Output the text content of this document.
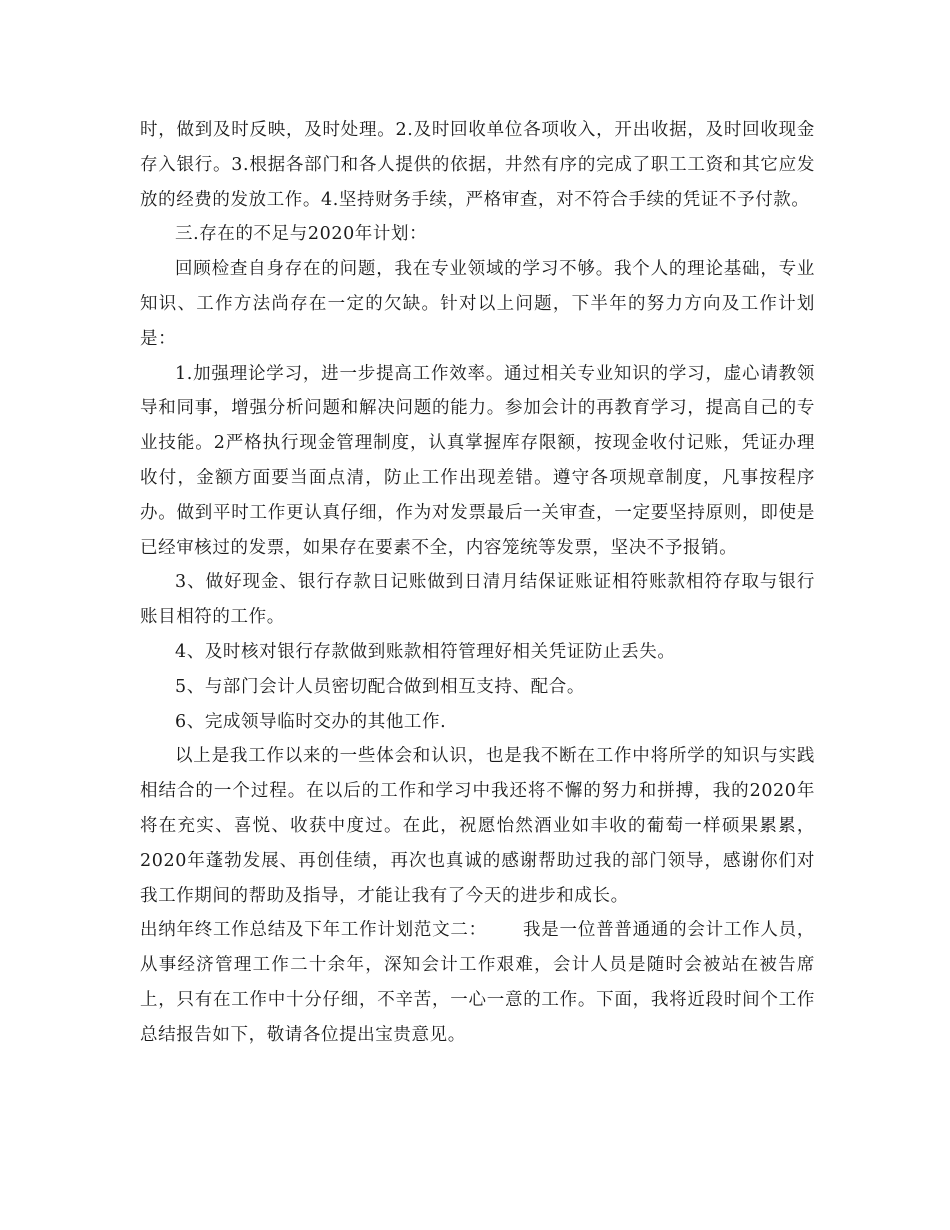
时，做到及时反映，及时处理。2.及时回收单位各项收入，开出收据，及时回收现金存入银行。3.根据各部门和各人提供的依据，井然有序的完成了职工工资和其它应发放的经费的发放工作。4.坚持财务手续，严格审查，对不符合手续的凭证不予付款。

三.存在的不足与2020年计划：

回顾检查自身存在的问题，我在专业领域的学习不够。我个人的理论基础，专业知识、工作方法尚存在一定的欠缺。针对以上问题，下半年的努力方向及工作计划是：

1.加强理论学习，进一步提高工作效率。通过相关专业知识的学习，虚心请教领导和同事，增强分析问题和解决问题的能力。参加会计的再教育学习，提高自己的专业技能。2严格执行现金管理制度，认真掌握库存限额，按现金收付记账，凭证办理收付，金额方面要当面点清，防止工作出现差错。遵守各项规章制度，凡事按程序办。做到平时工作更认真仔细，作为对发票最后一关审查，一定要坚持原则，即使是已经审核过的发票，如果存在要素不全，内容笼统等发票，坚决不予报销。

3、做好现金、银行存款日记账做到日清月结保证账证相符账款相符存取与银行账目相符的工作。

4、及时核对银行存款做到账款相符管理好相关凭证防止丢失。

5、与部门会计人员密切配合做到相互支持、配合。

6、完成领导临时交办的其他工作.

以上是我工作以来的一些体会和认识，也是我不断在工作中将所学的知识与实践相结合的一个过程。在以后的工作和学习中我还将不懈的努力和拼搏，我的2020年将在充实、喜悦、收获中度过。在此，祝愿怡然酒业如丰收的葡萄一样硕果累累，2020年蓬勃发展、再创佳绩，再次也真诚的感谢帮助过我的部门领导，感谢你们对我工作期间的帮助及指导，才能让我有了今天的进步和成长。

出纳年终工作总结及下年工作计划范文二： 我是一位普普通通的会计工作人员，从事经济管理工作二十余年，深知会计工作艰难，会计人员是随时会被站在被告席上，只有在工作中十分仔细，不辛苦，一心一意的工作。下面，我将近段时间个工作总结报告如下，敬请各位提出宝贵意见。
